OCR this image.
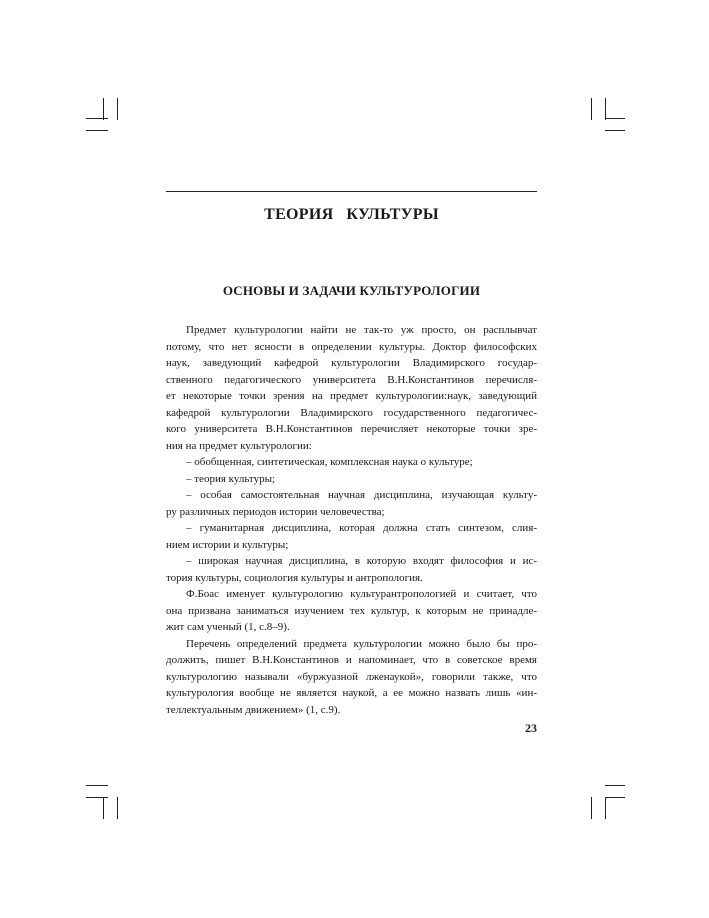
ТЕОРИЯ   КУЛЬТУРЫ
ОСНОВЫ И ЗАДАЧИ КУЛЬТУРОЛОГИИ
Предмет культурологии найти не так-то уж просто, он расплывчат
потому, что нет ясности в определении культуры. Доктор философских
наук, заведующий кафедрой культурологии Владимирского государ-
ственного педагогического университета В.Н.Константинов перечисля-
ет некоторые точки зрения на предмет культурологии:наук, заведующий
кафедрой культурологии Владимирского государственного педагогичес-
кого университета В.Н.Константинов перечисляет некоторые точки зре-
ния на предмет культурологии:
– обобщенная, синтетическая, комплексная наука о культуре;
– теория культуры;
– особая самостоятельная научная дисциплина, изучающая культу-
ру различных периодов истории человечества;
– гуманитарная дисциплина, которая должна стать синтезом, слия-
нием истории и культуры;
– широкая научная дисциплина, в которую входят философия и ис-
тория культуры, социология культуры и антропология.
Ф.Боас именует культурологию культурантропологией и считает, что
она призвана заниматься изучением тех культур, к которым не принадле-
жит сам ученый (1, с.8–9).
Перечень определений предмета культурологии можно было бы про-
должить, пишет В.Н.Константинов и напоминает, что в советское время
культурологию называли «буржуазной лженаукой», говорили также, что
культурология вообще не является наукой, а ее можно назвать лишь «ин-
теллектуальным движением» (1, с.9).
23
